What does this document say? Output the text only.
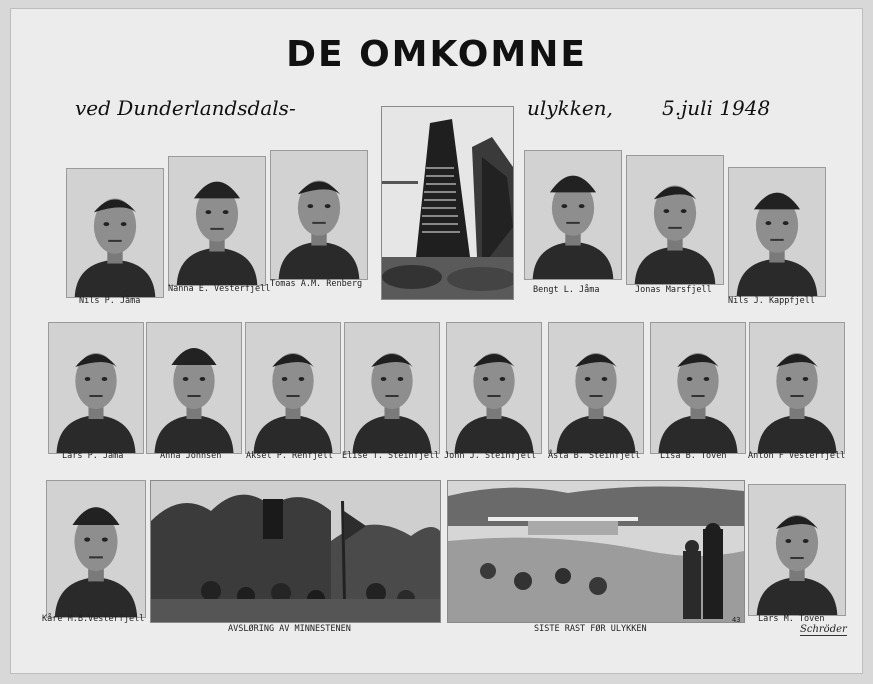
DE OMKOMNE
ved Dunderlandsdals-	ulykken, 5.juli 1948
Nils P. Jåma
Nanna E. Vesterfjell Tomas A.M. Renberg
Bengt L. Jåma	Jonas Marsfjell
Nils J. Kappfjell
Lars P. Jåma	Anna Johnsen	Aksel P. Renfjell Elise T. Steinfjell John J. Steinfjell Åsta B. Steinfjell Lisa B. Toven	Anton F Vesterfjell
Kåre M.B.Vesterfjell	Lars M. Toven
AVSLØRING AV MINNESTENEN	SISTE RAST FØR ULYKKEN
43
Schröder
